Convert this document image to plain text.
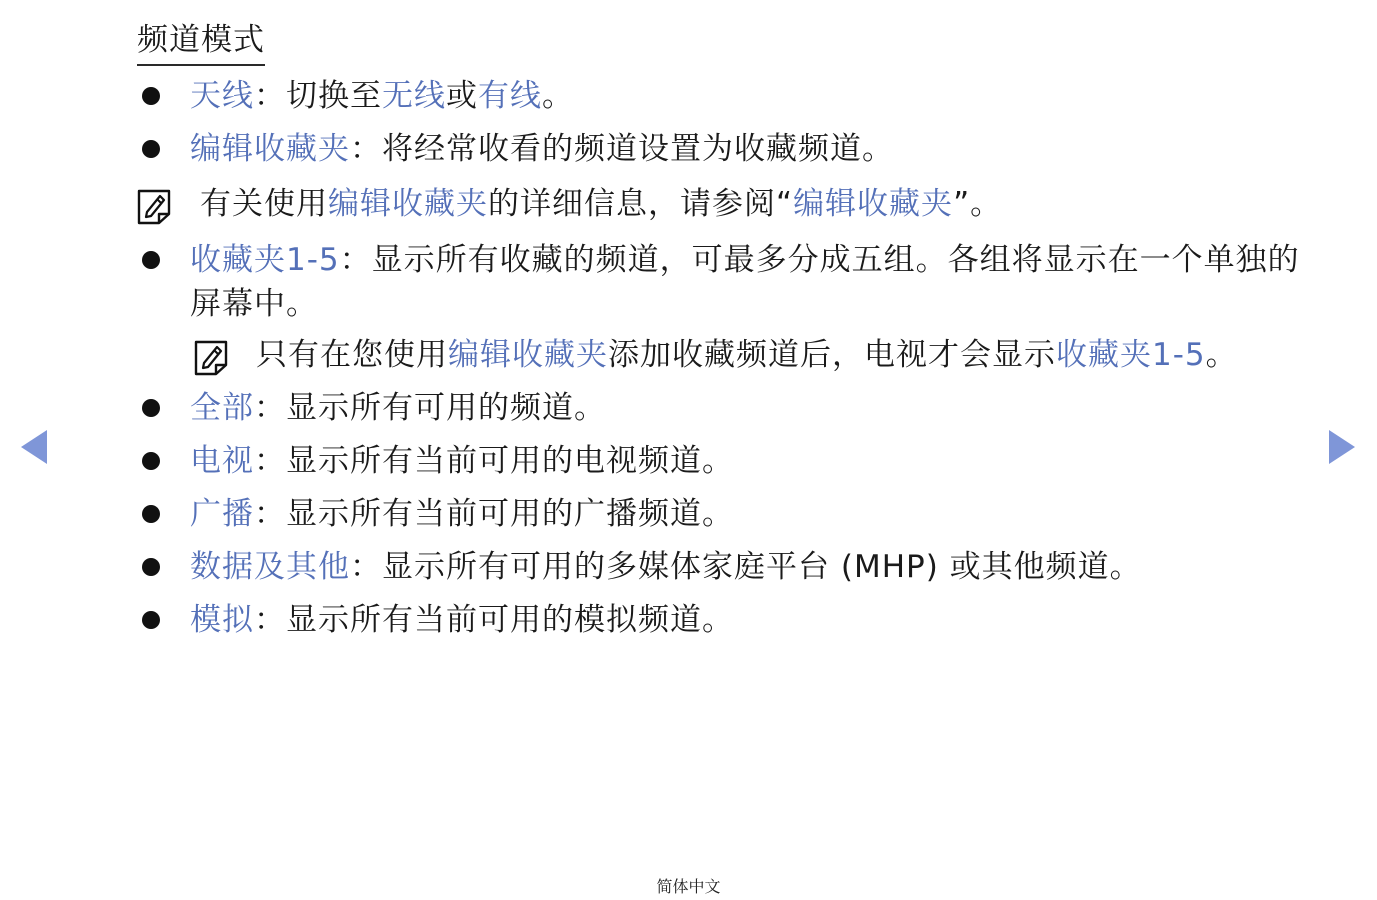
频道模式
天线：切换至无线或有线。
编辑收藏夹：将经常收看的频道设置为收藏频道。
有关使用编辑收藏夹的详细信息，请参阅“编辑收藏夹”。
收藏夹1-5：显示所有收藏的频道，可最多分成五组。各组将显示在一个单独的屏幕中。
只有在您使用编辑收藏夹添加收藏频道后，电视才会显示收藏夹1-5。
全部：显示所有可用的频道。
电视：显示所有当前可用的电视频道。
广播：显示所有当前可用的广播频道。
数据及其他：显示所有可用的多媒体家庭平台 (MHP) 或其他频道。
模拟：显示所有当前可用的模拟频道。
简体中文
